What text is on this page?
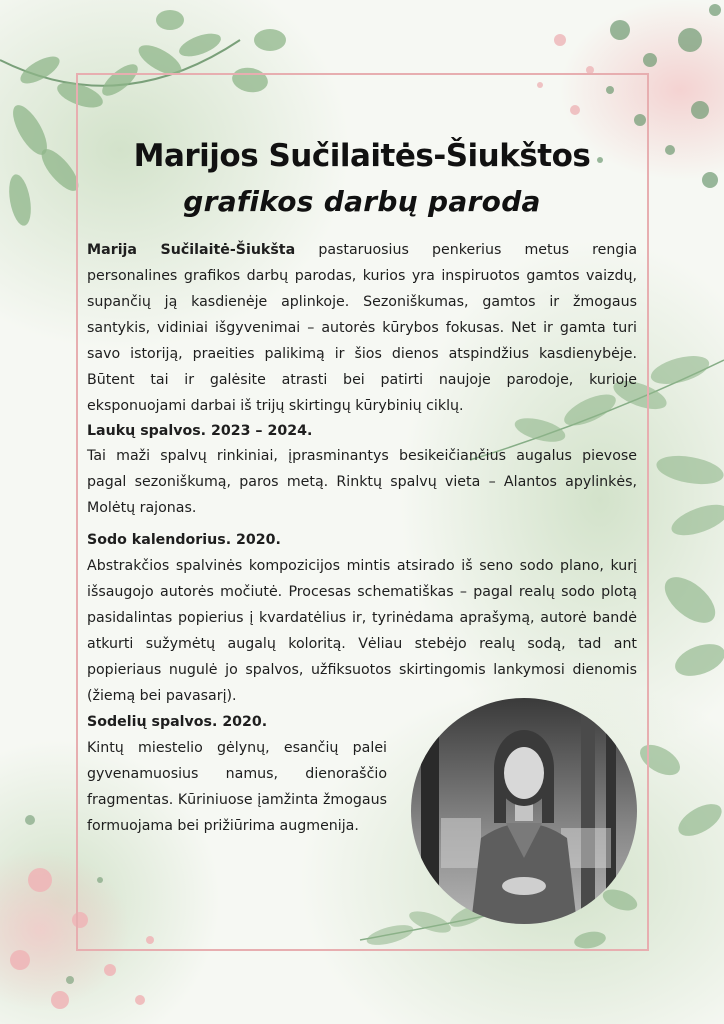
Marijos Sučilaitės-Šiukštos
grafikos darbų paroda

Marija Sučilaitė-Šiukšta pastaruosius penkerius metus rengia personalines grafikos darbų parodas, kurios yra inspiruotos gamtos vaizdų, supančių ją kasdienėje aplinkoje. Sezoniškumas, gamtos ir žmogaus santykis, vidiniai išgyvenimai – autorės kūrybos fokusas. Net ir gamta turi savo istoriją, praeities palikimą ir šios dienos atspindžius kasdienybėje. Būtent tai ir galėsite atrasti bei patirti naujoje parodoje, kurioje eksponuojami darbai iš trijų skirtingų kūrybinių ciklų.

Laukų spalvos. 2023 – 2024.

Tai maži spalvų rinkiniai, įprasminantys besikeičiančius augalus pievose pagal sezoniškumą, paros metą. Rinktų spalvų vieta – Alantos apylinkės, Molėtų rajonas.

Sodo kalendorius. 2020.

Abstrakčios spalvinės kompozicijos mintis atsirado iš seno sodo plano, kurį išsaugojo autorės močiutė. Procesas schematiškas – pagal realų sodo plotą pasidalintas popierius į kvardatėlius ir, tyrinėdama aprašymą, autorė bandė atkurti sužymėtų augalų koloritą. Vėliau stebėjo realų sodą, tad ant popieriaus nugulė jo spalvos, užfiksuotos skirtingomis lankymosi dienomis (žiemą bei pavasarį).

Sodelių spalvos. 2020.

Kintų miestelio gėlynų, esančių palei gyvenamuosius namus, dienoraščio fragmentas. Kūriniuose įamžinta žmogaus formuojama bei prižiūrima augmenija.
